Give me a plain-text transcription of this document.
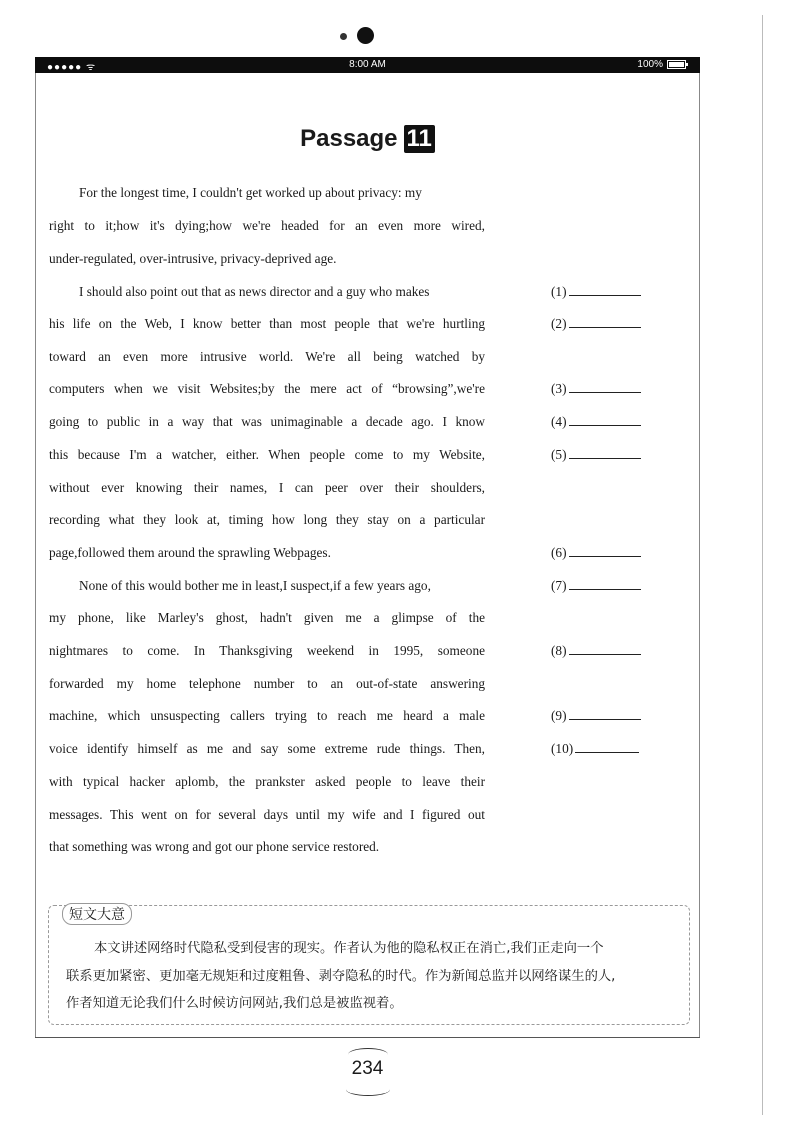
●●●●● ᯤ	8:00 AM	100%
Passage 11
For the longest time, I couldn't get worked up about privacy: my
right to it;how it's dying;how we're headed for an even more wired,
under-regulated, over-intrusive, privacy-deprived age.
I should also point out that as news director and a guy who makes
his life on the Web, I know better than most people that we're hurtling
toward an even more intrusive world. We're all being watched by
computers when we visit Websites;by the mere act of “browsing”,we're
going to public in a way that was unimaginable a decade ago. I know
this because I'm a watcher, either. When people come to my Website,
without ever knowing their names, I can peer over their shoulders,
recording what they look at, timing how long they stay on a particular
page,followed them around the sprawling Webpages.
None of this would bother me in least,I suspect,if a few years ago,
my phone, like Marley's ghost, hadn't given me a glimpse of the
nightmares to come. In Thanksgiving weekend in 1995, someone
forwarded my home telephone number to an out-of-state answering
machine, which unsuspecting callers trying to reach me heard a male
voice identify himself as me and say some extreme rude things. Then,
with typical hacker aplomb, the prankster asked people to leave their
messages. This went on for several days until my wife and I figured out
that something was wrong and got our phone service restored.
(1)
(2)
(3)
(4)
(5)
(6)
(7)
(8)
(9)
(10)
短文大意
本文讲述网络时代隐私受到侵害的现实。作者认为他的隐私权正在消亡,我们正走向一个
联系更加紧密、更加毫无规矩和过度粗鲁、剥夺隐私的时代。作为新闻总监并以网络谋生的人,
作者知道无论我们什么时候访问网站,我们总是被监视着。
234
